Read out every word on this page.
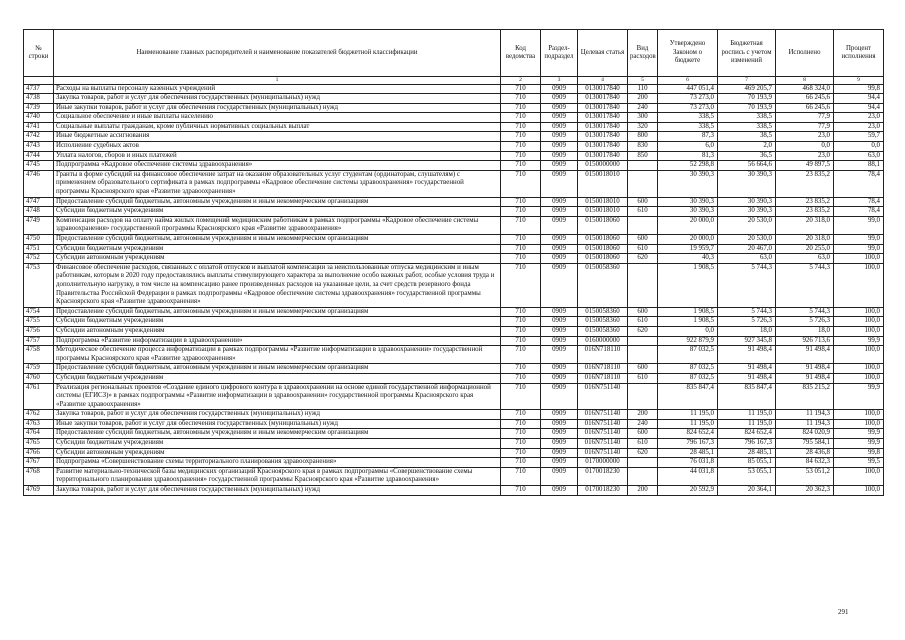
№ строки	Наименование главных распорядителей и наименование показателей бюджетной классификации	Код ведомства	Раздел-подраздел	Целевая статья	Вид расходов	Утверждено Законом о бюджете	Бюджетная роспись с учетом изменений	Исполнено	Процент исполнения
	1	2	3	4	5	6	7	8	9
4737	Расходы на выплаты персоналу казенных учреждений	710	0909	0130017840	110	447 051,4	469 205,7	468 324,0	99,8
4738	Закупка товаров, работ и услуг для обеспечения государственных (муниципальных) нужд	710	0909	0130017840	200	73 273,0	70 193,9	66 245,6	94,4
4739	Иные закупки товаров, работ и услуг для обеспечения государственных (муниципальных) нужд	710	0909	0130017840	240	73 273,0	70 193,9	66 245,6	94,4
4740	Социальное обеспечение и иные выплаты населению	710	0909	0130017840	300	338,5	338,5	77,9	23,0
4741	Социальные выплаты гражданам, кроме публичных нормативных социальных выплат	710	0909	0130017840	320	338,5	338,5	77,9	23,0
4742	Иные бюджетные ассигнования	710	0909	0130017840	800	87,3	38,5	23,0	59,7
4743	Исполнение судебных актов	710	0909	0130017840	830	6,0	2,0	0,0	0,0
4744	Уплата налогов, сборов и иных платежей	710	0909	0130017840	850	81,3	36,5	23,0	63,0
4745	Подпрограмма «Кадровое обеспечение системы здравоохранения»	710	0909	0150000000		52 298,8	56 664,6	49 897,5	88,1
4746	Гранты в форме субсидий на финансовое обеспечение затрат на оказание образовательных услуг студентам (ординаторам, слушателям) с применением образовательного сертификата в рамках подпрограммы «Кадровое обеспечение системы здравоохранения» государственной программы Красноярского края «Развитие здравоохранения»	710	0909	0150018010		30 390,3	30 390,3	23 835,2	78,4
4747	Предоставление субсидий бюджетным, автономным учреждениям и иным некоммерческим организациям	710	0909	0150018010	600	30 390,3	30 390,3	23 835,2	78,4
4748	Субсидии бюджетным учреждениям	710	0909	0150018010	610	30 390,3	30 390,3	23 835,2	78,4
4749	Компенсация расходов на оплату найма жилых помещений медицинским работникам в рамках подпрограммы «Кадровое обеспечение системы здравоохранения» государственной программы Красноярского края «Развитие здравоохранения»	710	0909	0150018060		20 000,0	20 530,0	20 318,0	99,0
4750	Предоставление субсидий бюджетным, автономным учреждениям и иным некоммерческим организациям	710	0909	0150018060	600	20 000,0	20 530,0	20 318,0	99,0
4751	Субсидии бюджетным учреждениям	710	0909	0150018060	610	19 959,7	20 467,0	20 255,0	99,0
4752	Субсидии автономным учреждениям	710	0909	0150018060	620	40,3	63,0	63,0	100,0
4753	Финансовое обеспечение расходов, связанных с оплатой отпусков и выплатой компенсации за неиспользованные отпуска медицинским и иным работникам, которым в 2020 году предоставлялись выплаты стимулирующего характера за выполнение особо важных работ, особые условия труда и дополнительную нагрузку, в том числе на компенсацию ранее произведенных расходов на указанные цели, за счет средств резервного фонда Правительства Российской Федерации в рамках подпрограммы «Кадровое обеспечение системы здравоохранения» государственной программы Красноярского края «Развитие здравоохранения»	710	0909	0150058360		1 908,5	5 744,3	5 744,3	100,0
4754	Предоставление субсидий бюджетным, автономным учреждениям и иным некоммерческим организациям	710	0909	0150058360	600	1 908,5	5 744,3	5 744,3	100,0
4755	Субсидии бюджетным учреждениям	710	0909	0150058360	610	1 908,5	5 726,3	5 726,3	100,0
4756	Субсидии автономным учреждениям	710	0909	0150058360	620	0,0	18,0	18,0	100,0
4757	Подпрограмма «Развитие информатизации в здравоохранении»	710	0909	0160000000		922 879,9	927 345,8	926 713,6	99,9
4758	Методическое обеспечение процесса информатизации в рамках подпрограммы «Развитие информатизации в здравоохранении» государственной программы Красноярского края «Развитие здравоохранения»	710	0909	016N718110		87 032,5	91 498,4	91 498,4	100,0
4759	Предоставление субсидий бюджетным, автономным учреждениям и иным некоммерческим организациям	710	0909	016N718110	600	87 032,5	91 498,4	91 498,4	100,0
4760	Субсидии бюджетным учреждениям	710	0909	016N718110	610	87 032,5	91 498,4	91 498,4	100,0
4761	Реализация региональных проектов «Создание единого цифрового контура в здравоохранении на основе единой государственной информационной системы (ЕГИСЗ)» в рамках подпрограммы «Развитие информатизации в здравоохранении» государственной программы Красноярского края «Развитие здравоохранения»	710	0909	016N751140		835 847,4	835 847,4	835 215,2	99,9
4762	Закупка товаров, работ и услуг для обеспечения государственных (муниципальных) нужд	710	0909	016N751140	200	11 195,0	11 195,0	11 194,3	100,0
4763	Иные закупки товаров, работ и услуг для обеспечения государственных (муниципальных) нужд	710	0909	016N751140	240	11 195,0	11 195,0	11 194,3	100,0
4764	Предоставление субсидий бюджетным, автономным учреждениям и иным некоммерческим организациям	710	0909	016N751140	600	824 652,4	824 652,4	824 020,9	99,9
4765	Субсидии бюджетным учреждениям	710	0909	016N751140	610	796 167,3	796 167,3	795 584,1	99,9
4766	Субсидии автономным учреждениям	710	0909	016N751140	620	28 485,1	28 485,1	28 436,8	99,8
4767	Подпрограмма «Совершенствование схемы территориального планирования здравоохранения»	710	0909	0170000000		76 031,8	85 055,1	84 632,3	99,5
4768	Развитие материально-технической базы медицинских организаций Красноярского края в рамках подпрограммы «Совершенствование схемы территориального планирования здравоохранения» государственной программы Красноярского края «Развитие здравоохранения»	710	0909	0170018230		44 031,8	53 055,1	53 051,2	100,0
4769	Закупка товаров, работ и услуг для обеспечения государственных (муниципальных) нужд	710	0909	0170018230	200	20 592,9	20 364,1	20 362,3	100,0
291
